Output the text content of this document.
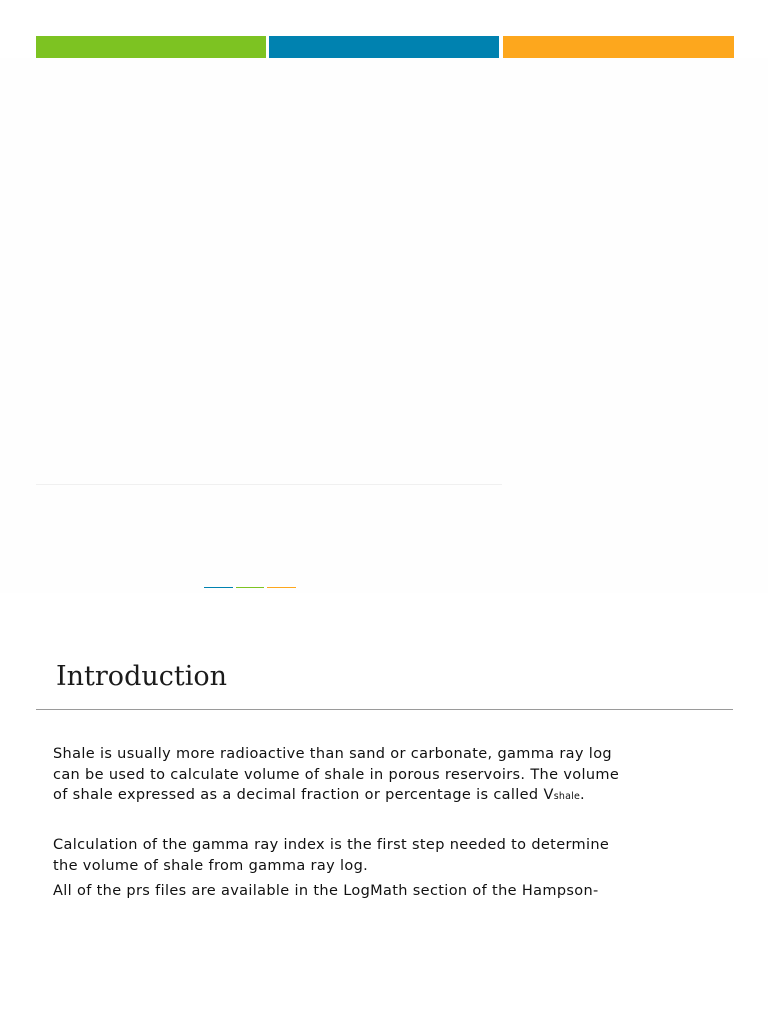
Introduction

Shale is usually more radioactive than sand or carbonate, gamma ray log
can be used to calculate volume of shale in porous reservoirs. The volume
of shale expressed as a decimal fraction or percentage is called Vshale.

Calculation of the gamma ray index is the first step needed to determine
the volume of shale from gamma ray log.

All of the prs files are available in the LogMath section of the Hampson-
